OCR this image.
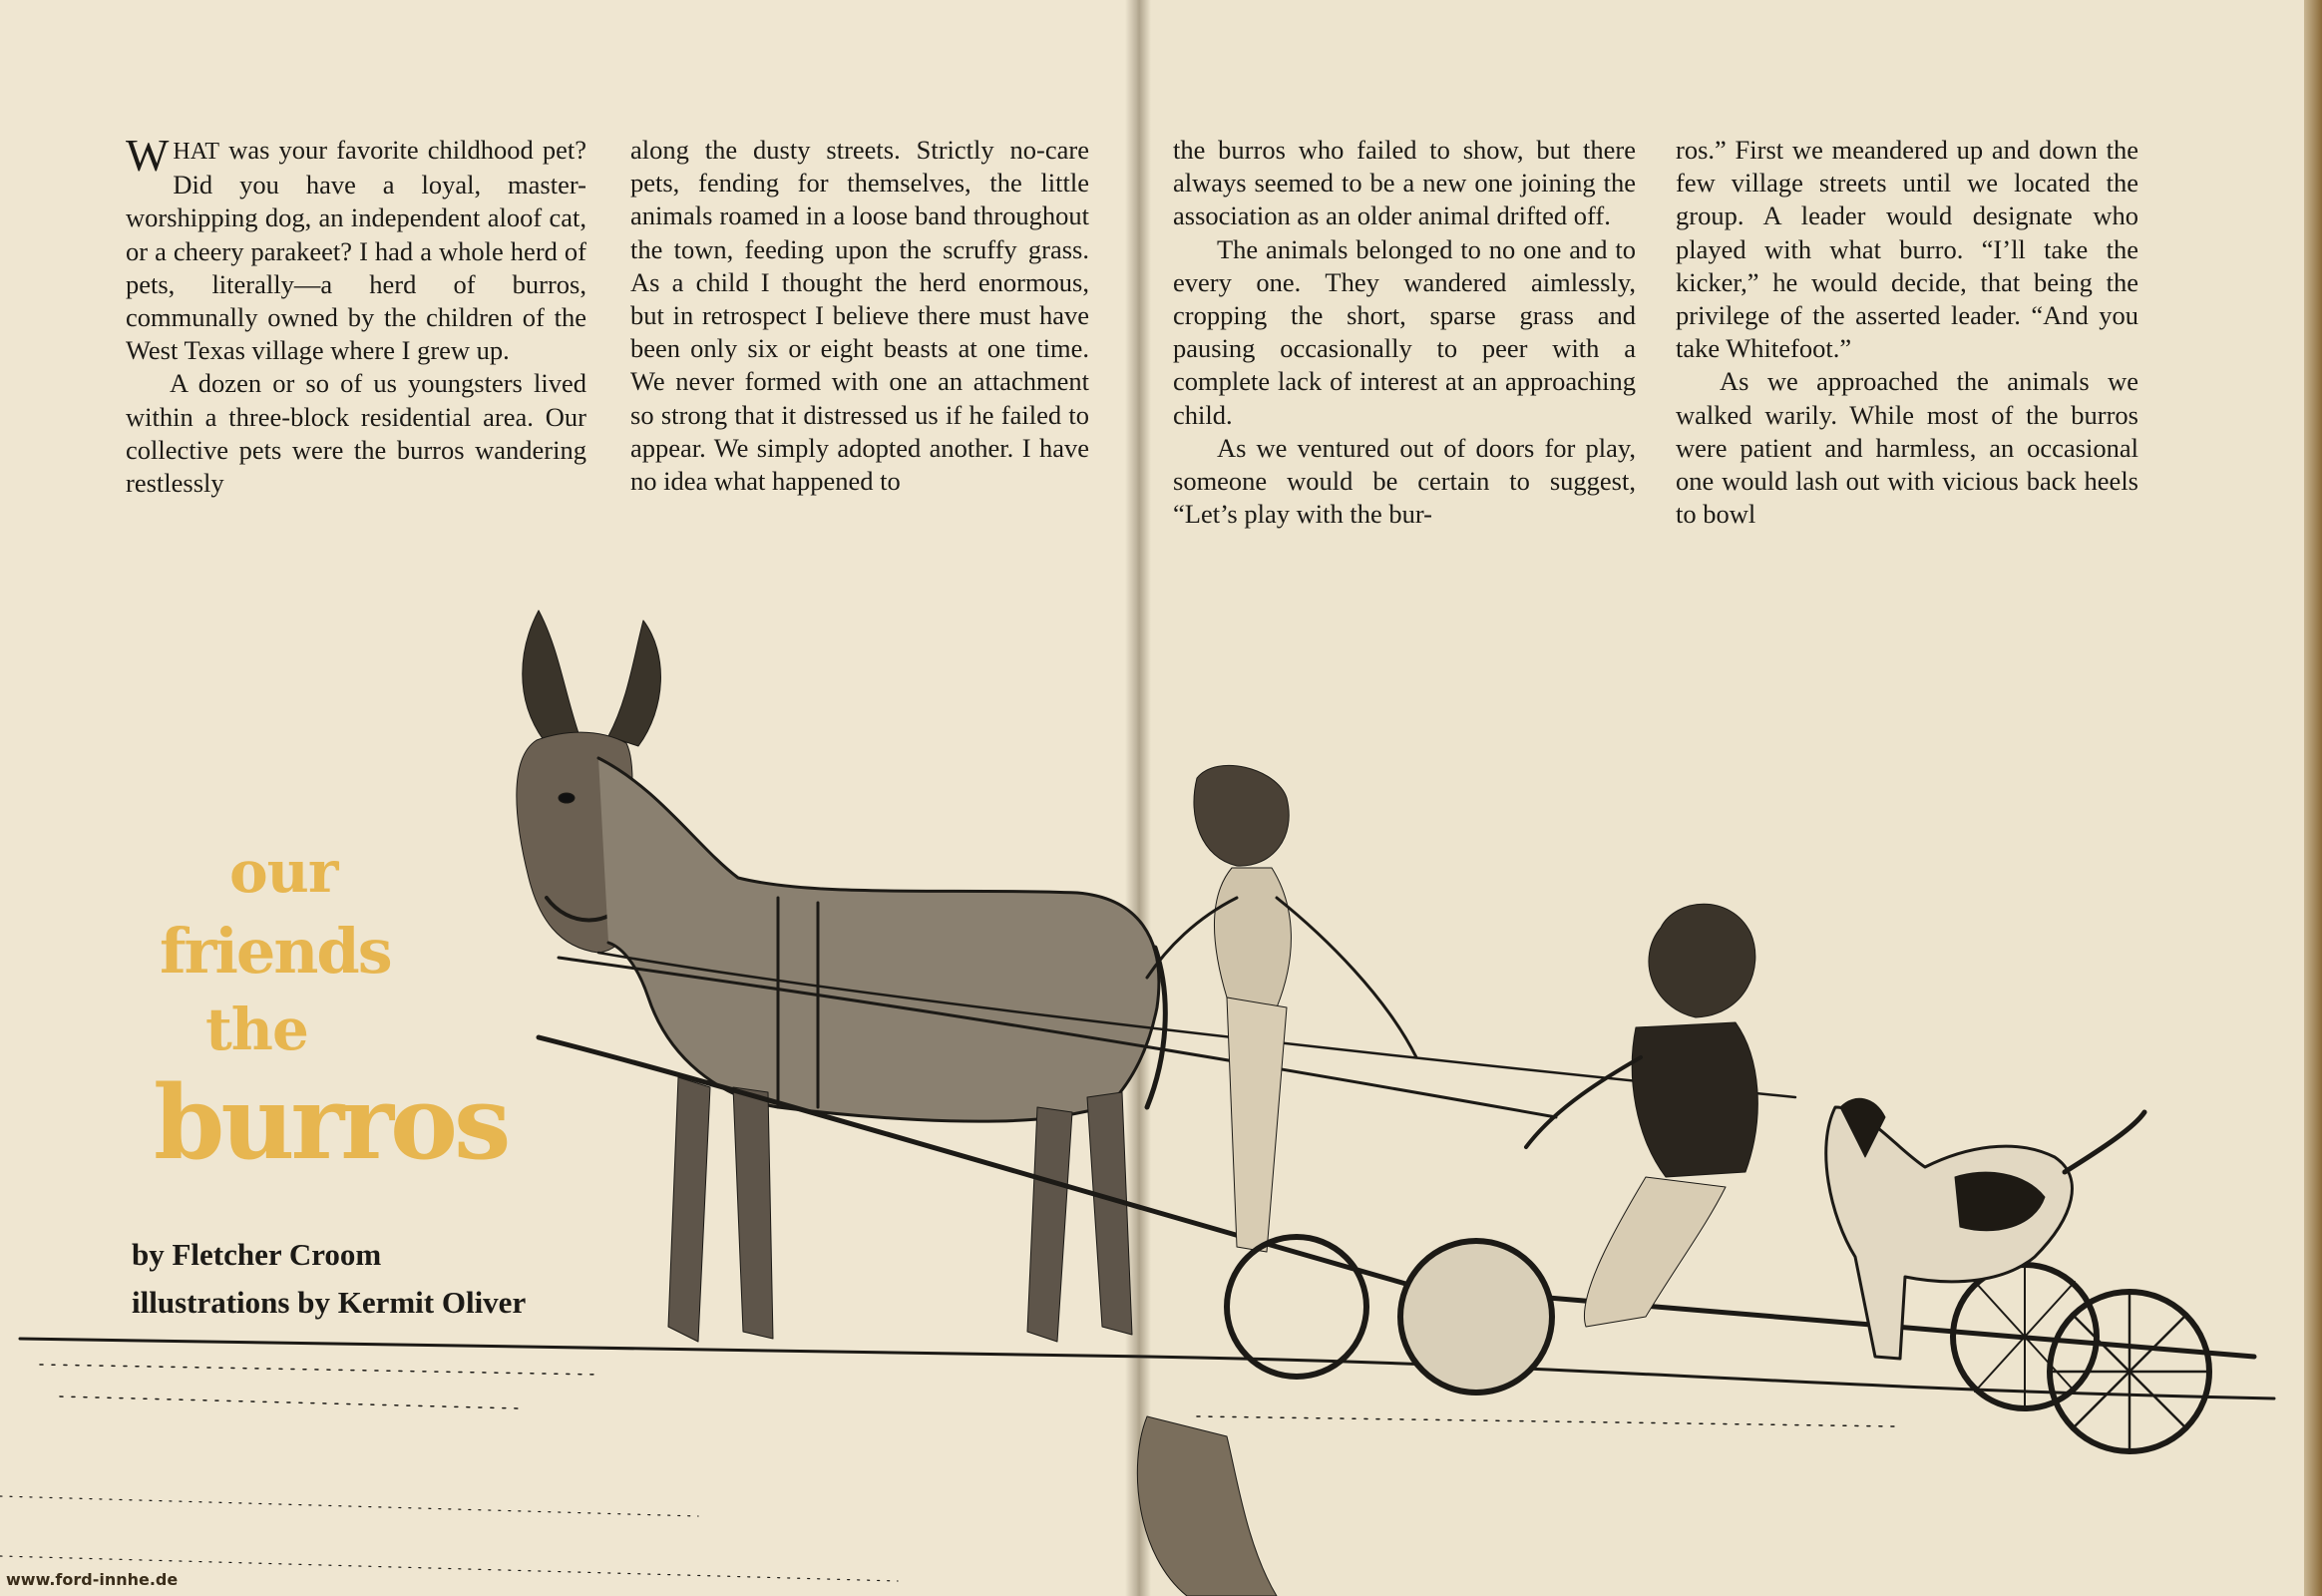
WHAT was your favorite childhood pet? Did you have a loyal, master-worshipping dog, an independent aloof cat, or a cheery parakeet? I had a whole herd of pets, literally—a herd of burros, communally owned by the children of the West Texas village where I grew up.

A dozen or so of us youngsters lived within a three-block residential area. Our collective pets were the burros wandering restlessly

along the dusty streets. Strictly no-care pets, fending for themselves, the little animals roamed in a loose band throughout the town, feeding upon the scruffy grass. As a child I thought the herd enormous, but in retrospect I believe there must have been only six or eight beasts at one time. We never formed with one an attachment so strong that it distressed us if he failed to appear. We simply adopted another. I have no idea what happened to

the burros who failed to show, but there always seemed to be a new one joining the association as an older animal drifted off.

The animals belonged to no one and to every one. They wandered aimlessly, cropping the short, sparse grass and pausing occasionally to peer with a complete lack of interest at an approaching child.

As we ventured out of doors for play, someone would be certain to suggest, “Let’s play with the bur-

ros.” First we meandered up and down the few village streets until we located the group. A leader would designate who played with what burro. “I’ll take the kicker,” he would decide, that being the privilege of the asserted leader. “And you take Whitefoot.”

As we approached the animals we walked warily. While most of the burros were patient and harmless, an occasional one would lash out with vicious back heels to bowl

our
friends
the
burros
by Fletcher Croom
illustrations by Kermit Oliver
www.ford-innhe.de
